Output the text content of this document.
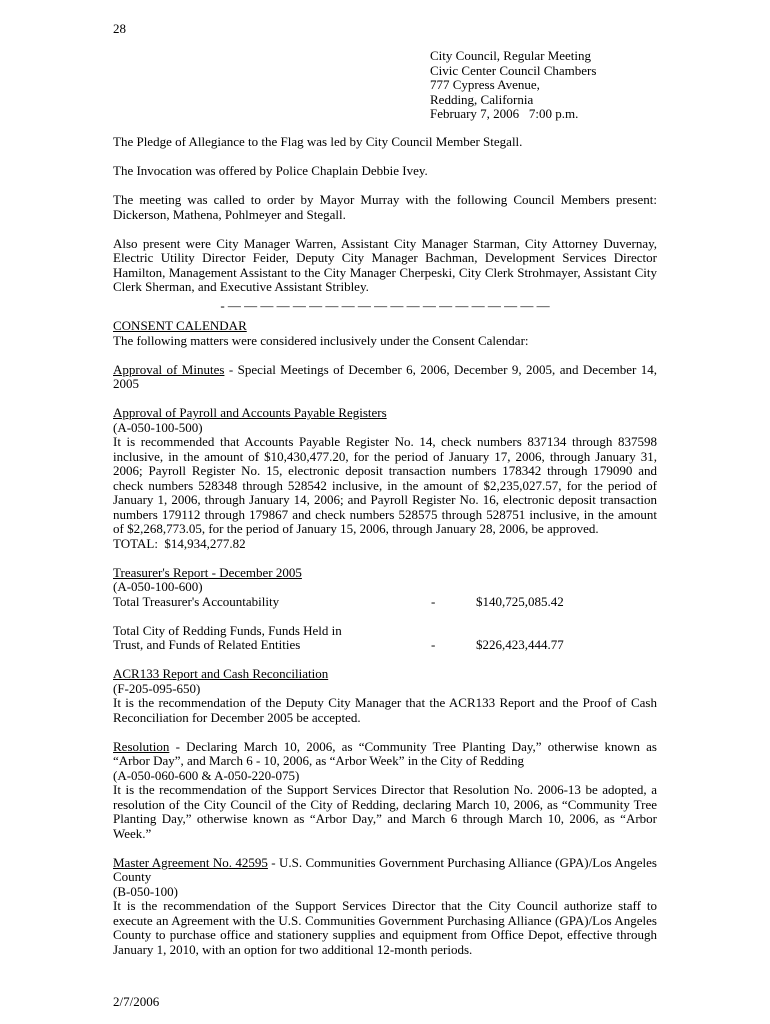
28
City Council, Regular Meeting
Civic Center Council Chambers
777 Cypress Avenue,
Redding, California
February 7, 2006   7:00 p.m.

The Pledge of Allegiance to the Flag was led by City Council Member Stegall.

The Invocation was offered by Police Chaplain Debbie Ivey.

The meeting was called to order by Mayor Murray with the following Council Members present: Dickerson, Mathena, Pohlmeyer and Stegall.

Also present were City Manager Warren, Assistant City Manager Starman, City Attorney Duvernay, Electric Utility Director Feider, Deputy City Manager Bachman, Development Services Director Hamilton, Management Assistant to the City Manager Cherpeski, City Clerk Strohmayer, Assistant City Clerk Sherman, and Executive Assistant Stribley.

- — — — — — — — — — — — — — — — — — — — —
CONSENT CALENDAR

The following matters were considered inclusively under the Consent Calendar:

Approval of Minutes - Special Meetings of December 6, 2006, December 9, 2005, and December 14, 2005

Approval of Payroll and Accounts Payable Registers
(A-050-100-500)
It is recommended that Accounts Payable Register No. 14, check numbers 837134 through 837598 inclusive, in the amount of $10,430,477.20, for the period of January 17, 2006, through January 31, 2006; Payroll Register No. 15, electronic deposit transaction numbers 178342 through 179090 and check numbers 528348 through 528542 inclusive, in the amount of $2,235,027.57, for the period of January 1, 2006, through January 14, 2006; and Payroll Register No. 16, electronic deposit transaction numbers 179112 through 179867 and check numbers 528575 through 528751 inclusive, in the amount of $2,268,773.05, for the period of January 15, 2006, through January 28, 2006, be approved.

TOTAL:  $14,934,277.82

Treasurer's Report - December 2005
(A-050-100-600)
Total Treasurer's Accountability	-	$140,725,085.42
Total City of Redding Funds, Funds Held in
Trust, and Funds of Related Entities	-	$226,423,444.77
ACR133 Report and Cash Reconciliation
(F-205-095-650)

It is the recommendation of the Deputy City Manager that the ACR133 Report and the Proof of Cash Reconciliation for December 2005 be accepted.

Resolution - Declaring March 10, 2006, as “Community Tree Planting Day,” otherwise known as “Arbor Day”, and March 6 - 10, 2006, as “Arbor Week” in the City of Redding
(A-050-060-600 & A-050-220-075)

It is the recommendation of the Support Services Director that Resolution No. 2006-13 be adopted, a resolution of the City Council of the City of Redding, declaring March 10, 2006, as “Community Tree Planting Day,” otherwise known as “Arbor Day,” and March 6 through March 10, 2006, as “Arbor Week.”

Master Agreement No. 42595 - U.S. Communities Government Purchasing Alliance (GPA)/Los Angeles County
(B-050-100)
It is the recommendation of the Support Services Director that the City Council authorize staff to execute an Agreement with the U.S. Communities Government Purchasing Alliance (GPA)/Los Angeles County to purchase office and stationery supplies and equipment from Office Depot, effective through January 1, 2010, with an option for two additional 12-month periods.
2/7/2006
